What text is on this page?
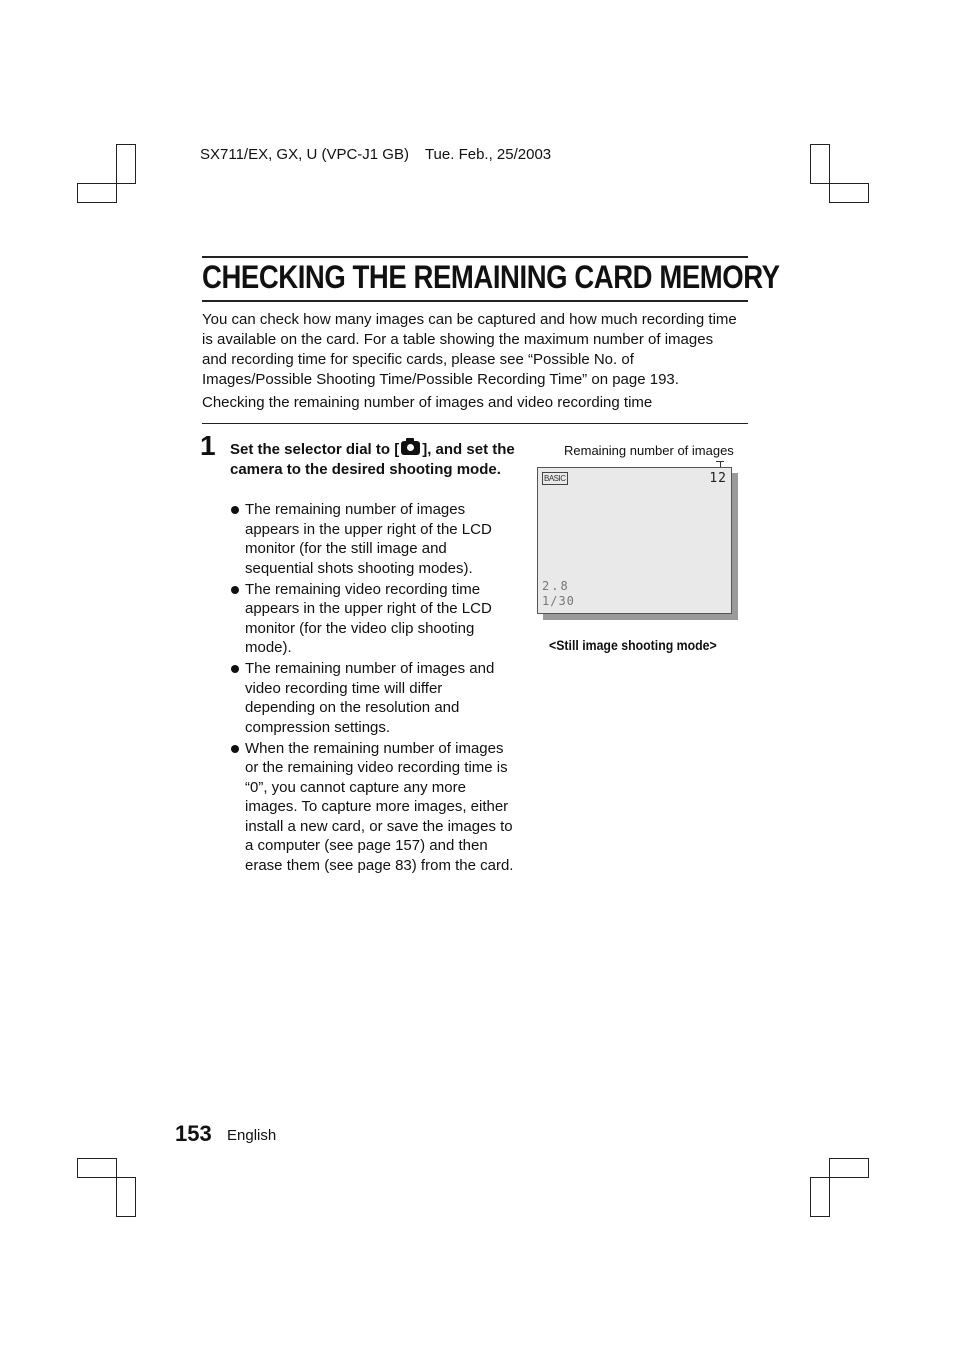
SX711/EX, GX, U (VPC-J1 GB) Tue. Feb., 25/2003
CHECKING THE REMAINING CARD MEMORY

You can check how many images can be captured and how much recording time is available on the card. For a table showing the maximum number of images and recording time for specific cards, please see “Possible No. of Images/Possible Shooting Time/Possible Recording Time” on page 193.

Checking the remaining number of images and video recording time

1 Set the selector dial to [ ], and set the camera to the desired shooting mode.

The remaining number of images appears in the upper right of the LCD monitor (for the still image and sequential shots shooting modes).
The remaining video recording time appears in the upper right of the LCD monitor (for the video clip shooting mode).
The remaining number of images and video recording time will differ depending on the resolution and compression settings.
When the remaining number of images or the remaining video recording time is “0”, you cannot capture any more images. To capture more images, either install a new card, or save the images to a computer (see page 157) and then erase them (see page 83) from the card.
Remaining number of images
BASIC	12
2.8
1/30
<Still image shooting mode>
153 English
